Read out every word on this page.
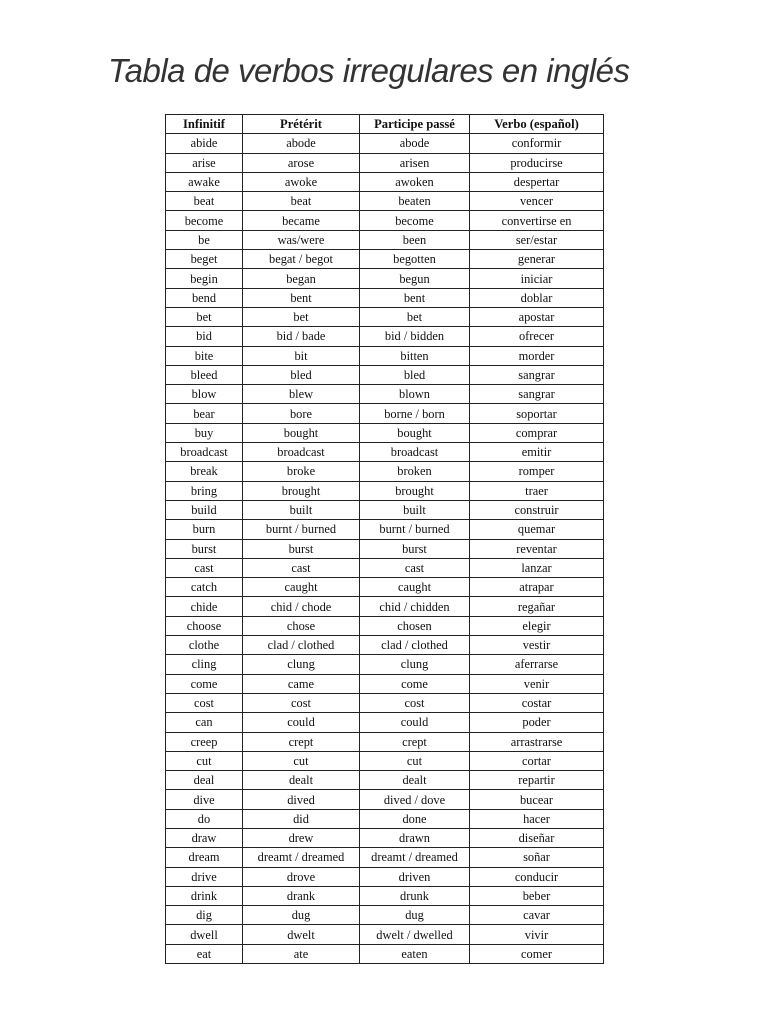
Tabla de verbos irregulares en inglés
Infinitif	Prétérit	Participe passé	Verbo (español)
abide	abode	abode	conformir
arise	arose	arisen	producirse
awake	awoke	awoken	despertar
beat	beat	beaten	vencer
become	became	become	convertirse en
be	was/were	been	ser/estar
beget	begat / begot	begotten	generar
begin	began	begun	iniciar
bend	bent	bent	doblar
bet	bet	bet	apostar
bid	bid / bade	bid / bidden	ofrecer
bite	bit	bitten	morder
bleed	bled	bled	sangrar
blow	blew	blown	sangrar
bear	bore	borne / born	soportar
buy	bought	bought	comprar
broadcast	broadcast	broadcast	emitir
break	broke	broken	romper
bring	brought	brought	traer
build	built	built	construir
burn	burnt / burned	burnt / burned	quemar
burst	burst	burst	reventar
cast	cast	cast	lanzar
catch	caught	caught	atrapar
chide	chid / chode	chid / chidden	regañar
choose	chose	chosen	elegir
clothe	clad / clothed	clad / clothed	vestir
cling	clung	clung	aferrarse
come	came	come	venir
cost	cost	cost	costar
can	could	could	poder
creep	crept	crept	arrastrarse
cut	cut	cut	cortar
deal	dealt	dealt	repartir
dive	dived	dived / dove	bucear
do	did	done	hacer
draw	drew	drawn	diseñar
dream	dreamt / dreamed	dreamt / dreamed	soñar
drive	drove	driven	conducir
drink	drank	drunk	beber
dig	dug	dug	cavar
dwell	dwelt	dwelt / dwelled	vivir
eat	ate	eaten	comer
